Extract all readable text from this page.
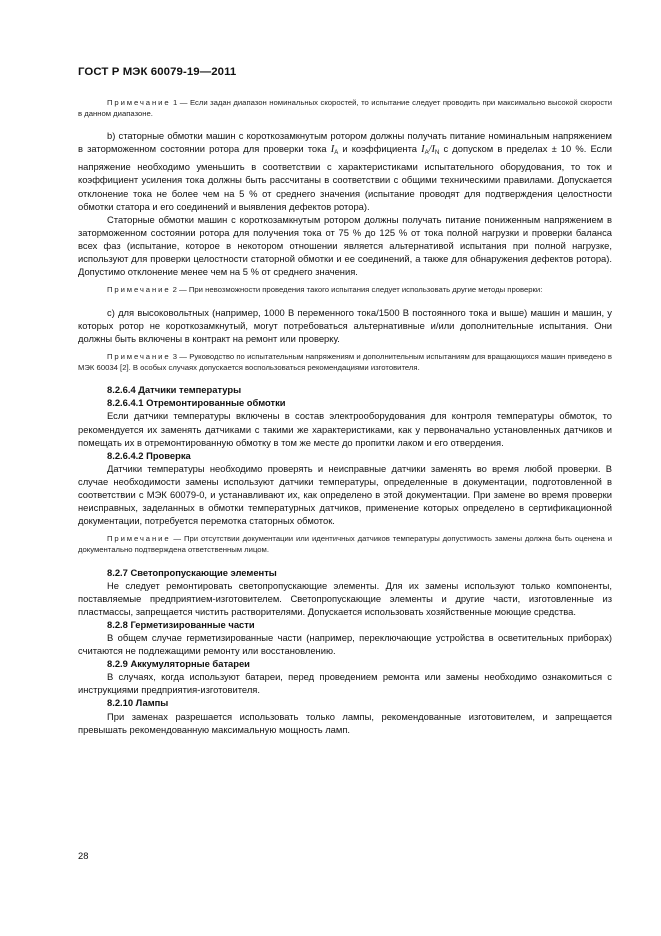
ГОСТ Р МЭК 60079-19—2011

Примечание 1 — Если задан диапазон номинальных скоростей, то испытание следует проводить при максимально высокой скорости в данном диапазоне.

b) статорные обмотки машин с короткозамкнутым ротором должны получать питание номинальным напряжением в заторможенном состоянии ротора для проверки тока $I_A$ и коэффициента $I_A/I_N$ с допуском в пределах ± 10 %. Если напряжение необходимо уменьшить в соответствии с характеристиками испытательного оборудования, то ток и коэффициент усиления тока должны быть рассчитаны в соответствии с общими техническими правилами. Допускается отклонение тока не более чем на 5 % от среднего значения (испытание проводят для подтверждения целостности обмотки статора и его соединений и выявления дефектов ротора).

Статорные обмотки машин с короткозамкнутым ротором должны получать питание пониженным напряжением в заторможенном состоянии ротора для получения тока от 75 % до 125 % от тока полной нагрузки и проверки баланса всех фаз (испытание, которое в некотором отношении является альтернативой испытания при полной нагрузке, используют для проверки целостности статорной обмотки и ее соединений, а также для обнаружения дефектов ротора). Допустимо отклонение менее чем на 5 % от среднего значения.

Примечание 2 — При невозможности проведения такого испытания следует использовать другие методы проверки:

c) для высоковольтных (например, 1000 В переменного тока/1500 В постоянного тока и выше) машин и машин, у которых ротор не короткозамкнутый, могут потребоваться альтернативные и/или дополнительные испытания. Они должны быть включены в контракт на ремонт или проверку.

Примечание 3 — Руководство по испытательным напряжениям и дополнительным испытаниям для вращающихся машин приведено в МЭК 60034 [2]. В особых случаях допускается воспользоваться рекомендациями изготовителя.

8.2.6.4 Датчики температуры

8.2.6.4.1 Отремонтированные обмотки

Если датчики температуры включены в состав электрооборудования для контроля температуры обмоток, то рекомендуется их заменять датчиками с такими же характеристиками, как у первоначально установленных датчиков и помещать их в отремонтированную обмотку в том же месте до пропитки лаком и его отвердения.

8.2.6.4.2 Проверка

Датчики температуры необходимо проверять и неисправные датчики заменять во время любой проверки. В случае необходимости замены используют датчики температуры, определенные в документации, подготовленной в соответствии с МЭК 60079-0, и устанавливают их, как определено в этой документации. При замене во время проверки неисправных, заделанных в обмотки температурных датчиков, применение которых определено в сертификационной документации, потребуется перемотка статорных обмоток.

Примечание — При отсутствии документации или идентичных датчиков температуры допустимость замены должна быть оценена и документально подтверждена ответственным лицом.

8.2.7 Светопропускающие элементы

Не следует ремонтировать светопропускающие элементы. Для их замены используют только компоненты, поставляемые предприятием-изготовителем. Светопропускающие элементы и другие части, изготовленные из пластмассы, запрещается чистить растворителями. Допускается использовать хозяйственные моющие средства.

8.2.8 Герметизированные части

В общем случае герметизированные части (например, переключающие устройства в осветительных приборах) считаются не подлежащими ремонту или восстановлению.

8.2.9 Аккумуляторные батареи

В случаях, когда используют батареи, перед проведением ремонта или замены необходимо ознакомиться с инструкциями предприятия-изготовителя.

8.2.10 Лампы

При заменах разрешается использовать только лампы, рекомендованные изготовителем, и запрещается превышать рекомендованную максимальную мощность ламп.

28
